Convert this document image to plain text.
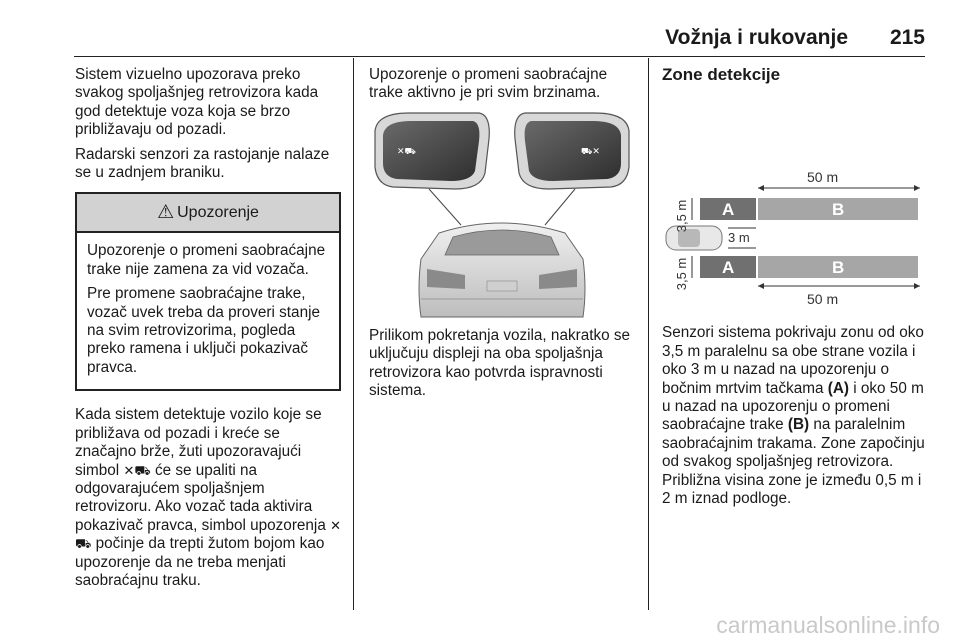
Vožnja i rukovanje 215

Sistem vizuelno upozorava preko svakog spoljašnjeg retrovizora kada god detektuje voza koja se brzo približavaju od pozadi.

Radarski senzori za rastojanje nalaze se u zadnjem braniku.

⚠ Upozorenje

Upozorenje o promeni saobraćajne trake nije zamena za vid vozača.

Pre promene saobraćajne trake, vozač uvek treba da proveri stanje na svim retrovizorima, pogleda preko ramena i uključi pokazivač pravca.

Kada sistem detektuje vozilo koje se približava od pozadi i kreće se značajno brže, žuti upozoravajući simbol ✕⛟ će se upaliti na odgovarajućem spoljašnjem retrovizoru. Ako vozač tada aktivira pokazivač pravca, simbol upozorenja ✕⛟ počinje da trepti žutom bojom kao upozorenje da ne treba menjati saobraćajnu traku.

Upozorenje o promeni saobraćajne trake aktivno je pri svim brzinama.

✕⛟	⛟✕

Prilikom pokretanja vozila, nakratko se uključuju displeji na oba spoljašnja retrovizora kao potvrda ispravnosti sistema.

Zone detekcije

50 m
A	B
3 m
A	B
50 m
3,5 m
3,5 m

Senzori sistema pokrivaju zonu od oko 3,5 m paralelnu sa obe strane vozila i oko 3 m u nazad na upozorenju o bočnim mrtvim tačkama (A) i oko 50 m u nazad na upozorenju o promeni saobraćajne trake (B) na paralelnim saobraćajnim trakama. Zone započinju od svakog spoljašnjeg retrovizora. Približna visina zone je između 0,5 m i 2 m iznad podloge.

carmanualsonline.info
